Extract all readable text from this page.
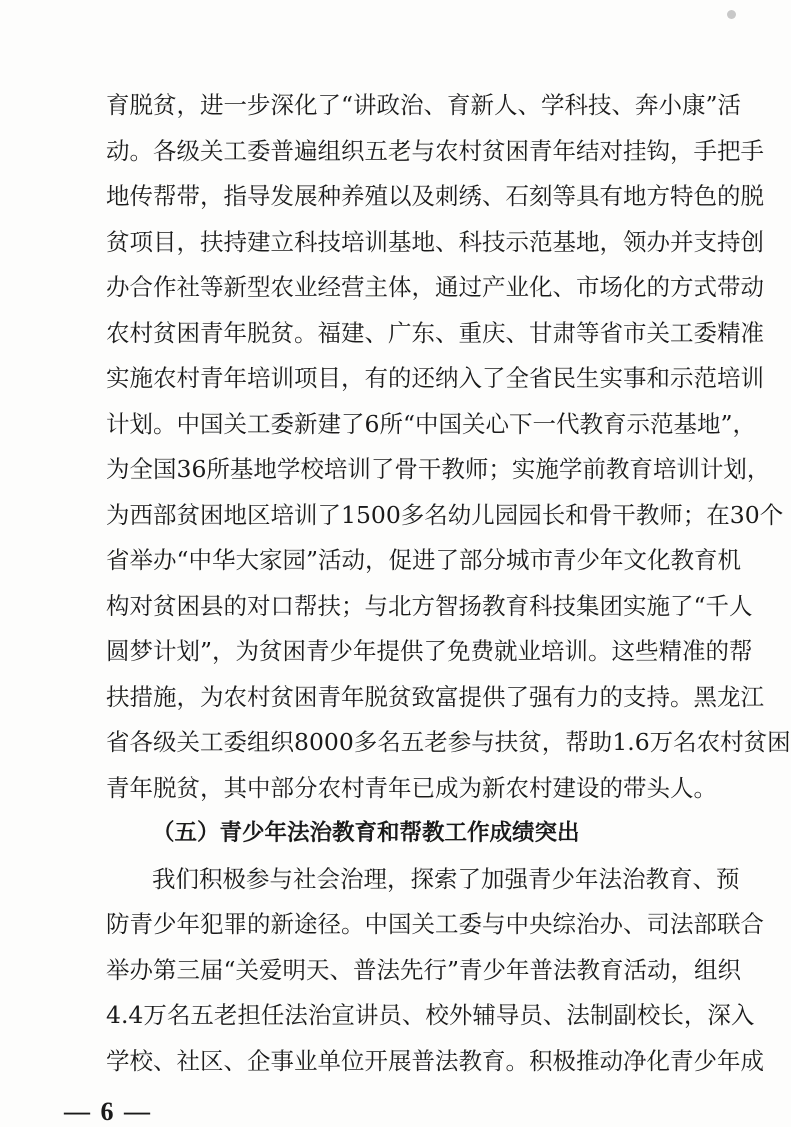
育脱贫，进一步深化了“讲政治、育新人、学科技、奔小康”活
动。各级关工委普遍组织五老与农村贫困青年结对挂钩，手把手
地传帮带，指导发展种养殖以及刺绣、石刻等具有地方特色的脱
贫项目，扶持建立科技培训基地、科技示范基地，领办并支持创
办合作社等新型农业经营主体，通过产业化、市场化的方式带动
农村贫困青年脱贫。福建、广东、重庆、甘肃等省市关工委精准
实施农村青年培训项目，有的还纳入了全省民生实事和示范培训
计划。中国关工委新建了6所“中国关心下一代教育示范基地”，
为全国36所基地学校培训了骨干教师；实施学前教育培训计划，
为西部贫困地区培训了1500多名幼儿园园长和骨干教师；在30个
省举办“中华大家园”活动，促进了部分城市青少年文化教育机
构对贫困县的对口帮扶；与北方智扬教育科技集团实施了“千人
圆梦计划”，为贫困青少年提供了免费就业培训。这些精准的帮
扶措施，为农村贫困青年脱贫致富提供了强有力的支持。黑龙江
省各级关工委组织8000多名五老参与扶贫，帮助1.6万名农村贫困
青年脱贫，其中部分农村青年已成为新农村建设的带头人。
（五）青少年法治教育和帮教工作成绩突出
我们积极参与社会治理，探索了加强青少年法治教育、预
防青少年犯罪的新途径。中国关工委与中央综治办、司法部联合
举办第三届“关爱明天、普法先行”青少年普法教育活动，组织
4.4万名五老担任法治宣讲员、校外辅导员、法制副校长，深入
学校、社区、企事业单位开展普法教育。积极推动净化青少年成
— 6 —
